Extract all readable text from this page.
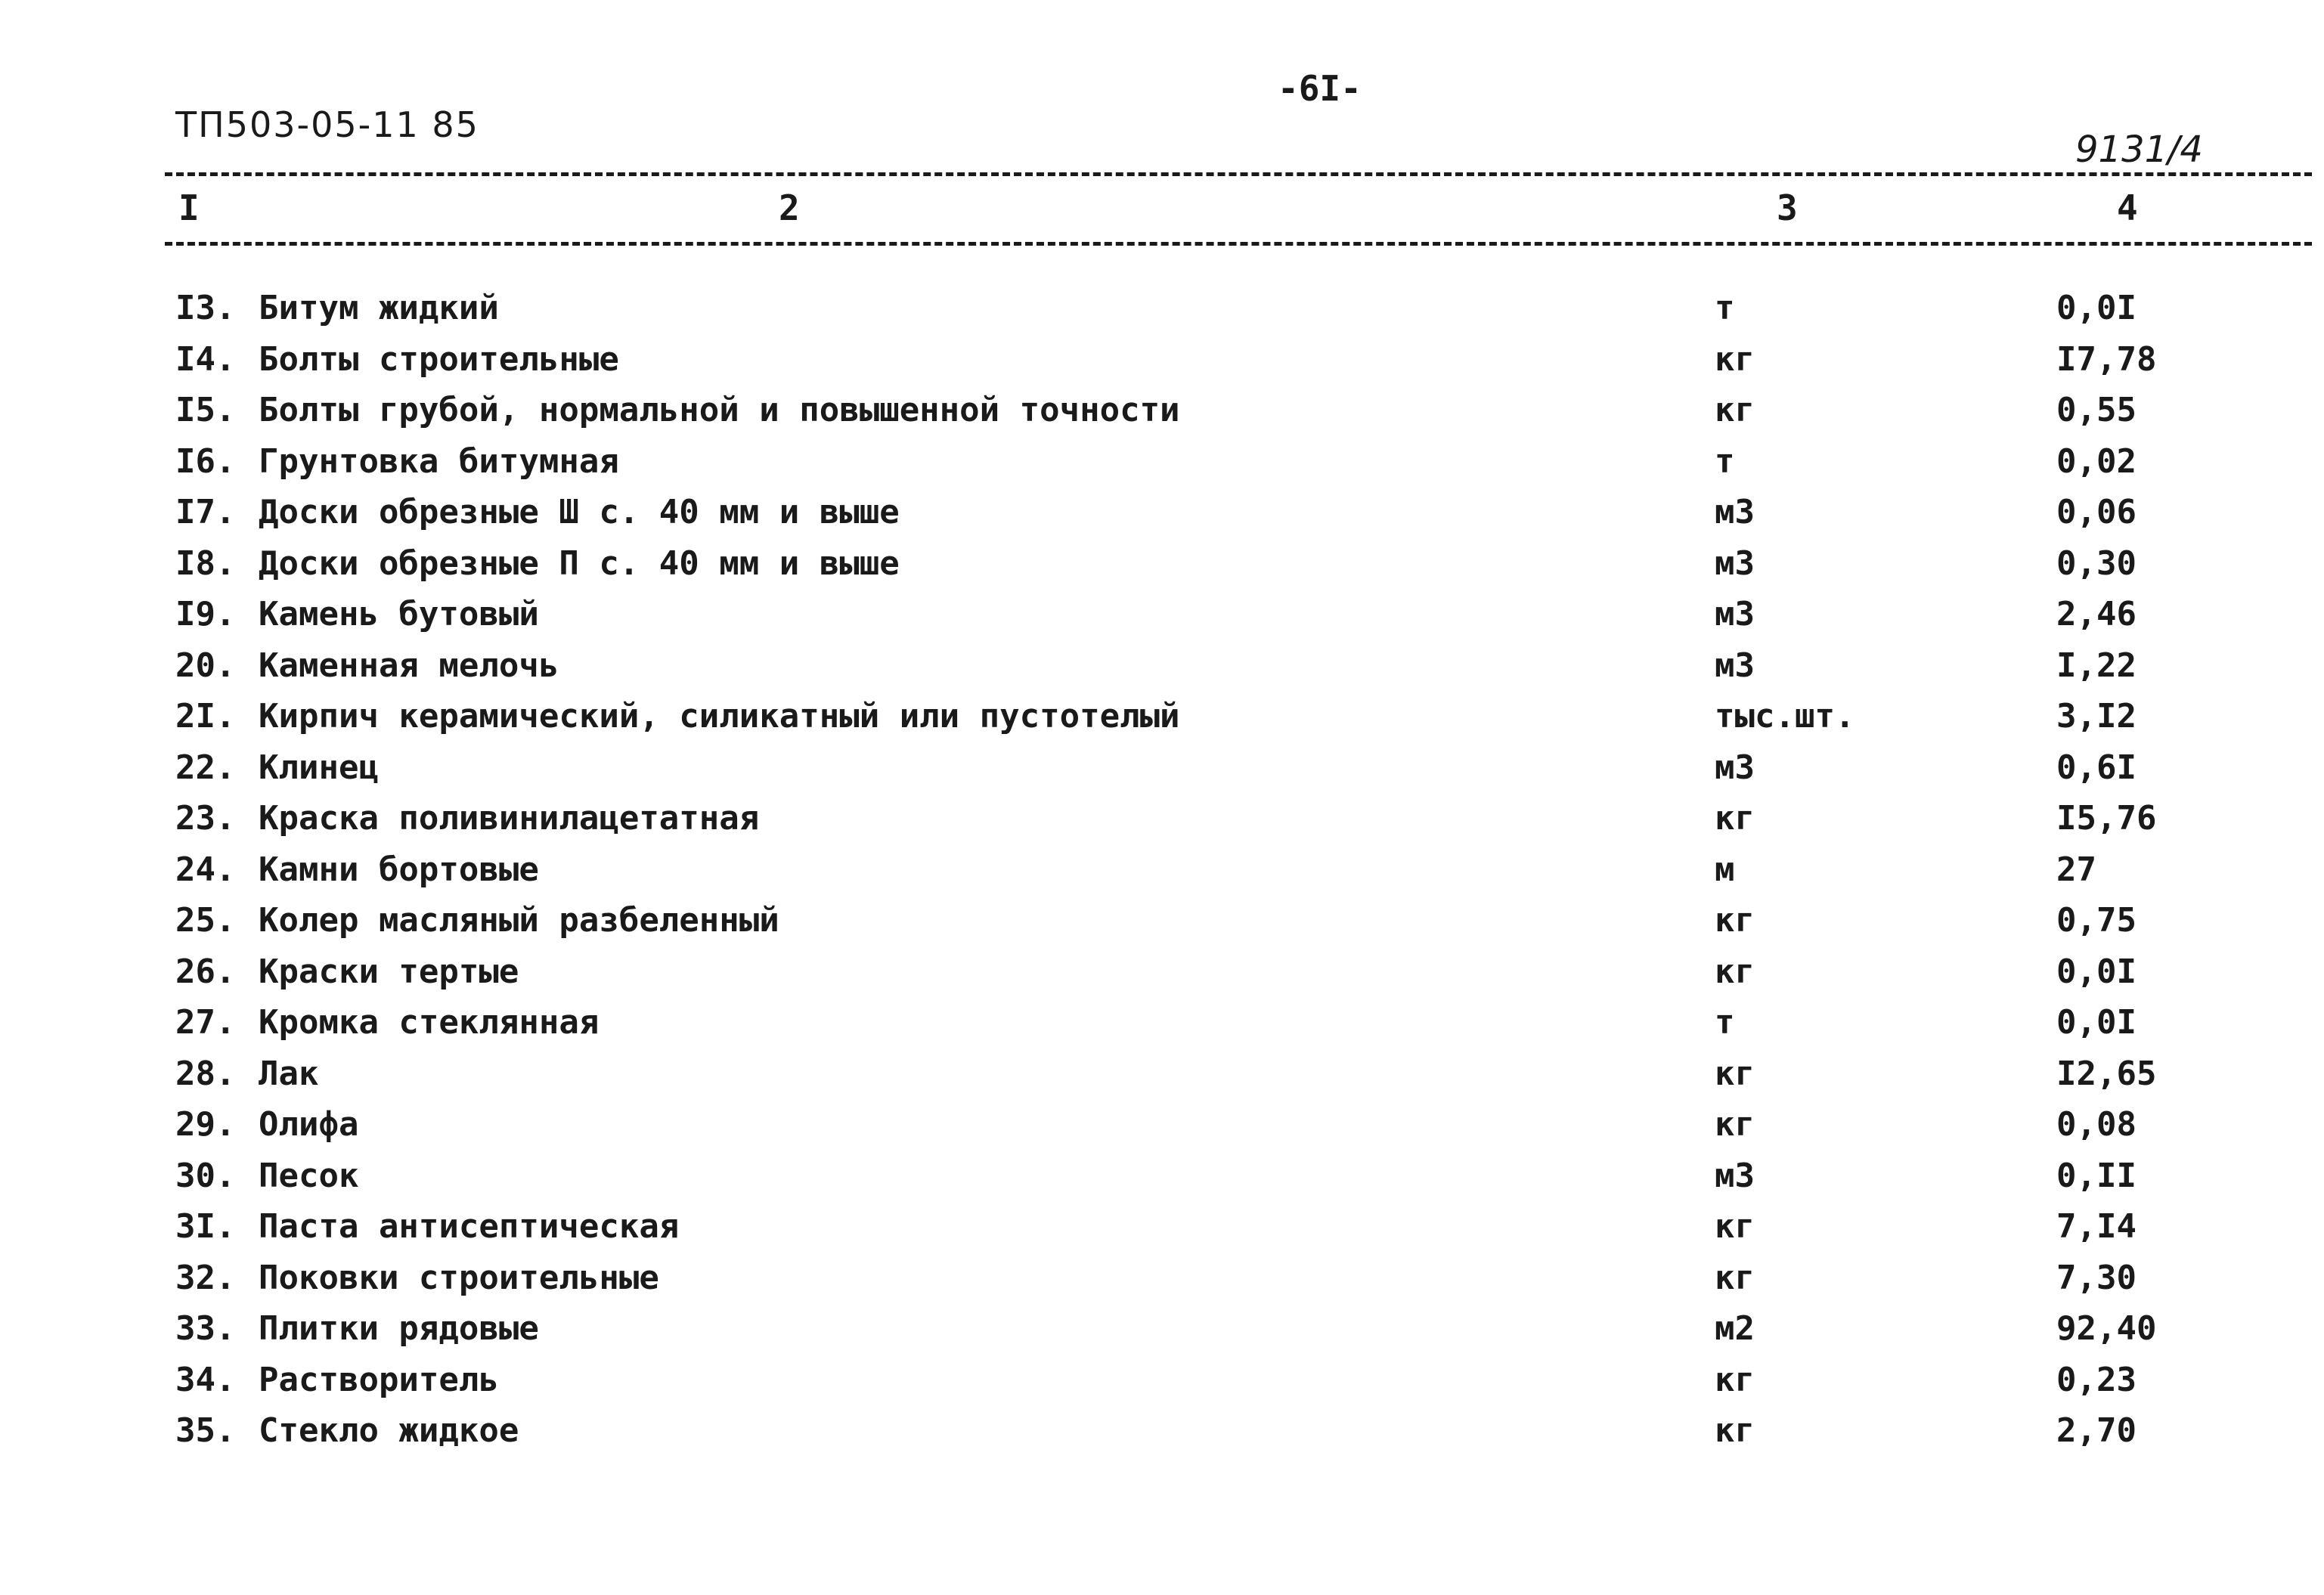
-6I-
ТП503-05-11 85
9131/4
I	2	3	4
I3. Битум жидкий	т	0,0I
I4. Болты строительные	кг	I7,78
I5. Болты грубой, нормальной и повышенной точности	кг	0,55
I6. Грунтовка битумная	т	0,02
I7. Доски обрезные Ш с. 40 мм и выше	м3	0,06
I8. Доски обрезные П с. 40 мм и выше	м3	0,30
I9. Камень бутовый	м3	2,46
20. Каменная мелочь	м3	I,22
2I. Кирпич керамический, силикатный или пустотелый	тыс.шт.	3,I2
22. Клинец	м3	0,6I
23. Краска поливинилацетатная	кг	I5,76
24. Камни бортовые	м	27
25. Колер масляный разбеленный	кг	0,75
26. Краски тертые	кг	0,0I
27. Кромка стеклянная	т	0,0I
28. Лак	кг	I2,65
29. Олифа	кг	0,08
30. Песок	м3	0,II
3I. Паста антисептическая	кг	7,I4
32. Поковки строительные	кг	7,30
33. Плитки рядовые	м2	92,40
34. Растворитель	кг	0,23
35. Стекло жидкое	кг	2,70
